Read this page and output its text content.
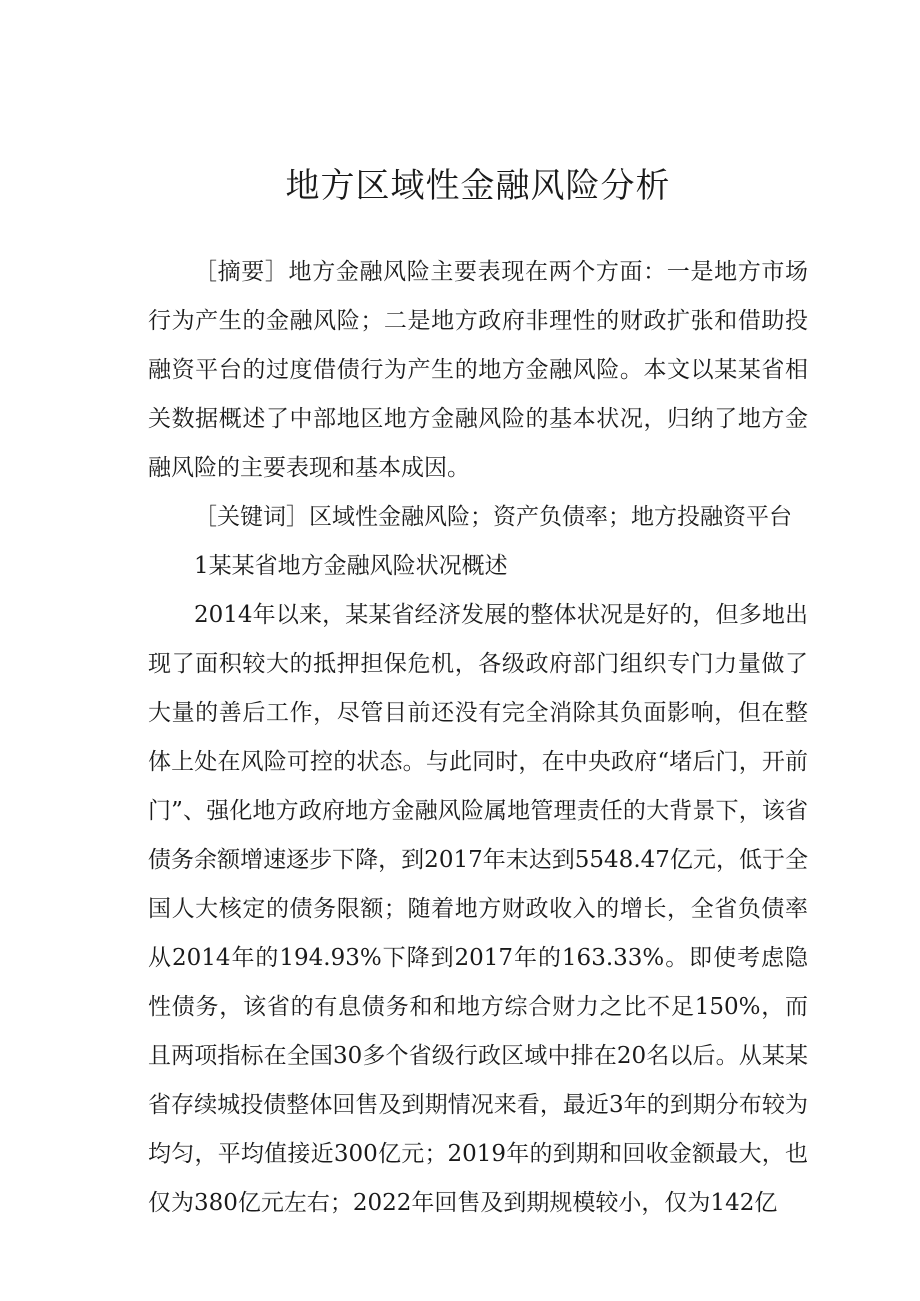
地方区域性金融风险分析

［摘要］地方金融风险主要表现在两个方面：一是地方市场行为产生的金融风险；二是地方政府非理性的财政扩张和借助投融资平台的过度借债行为产生的地方金融风险。本文以某某省相关数据概述了中部地区地方金融风险的基本状况，归纳了地方金融风险的主要表现和基本成因。

［关键词］区域性金融风险；资产负债率；地方投融资平台

1某某省地方金融风险状况概述

2014年以来，某某省经济发展的整体状况是好的，但多地出现了面积较大的抵押担保危机，各级政府部门组织专门力量做了大量的善后工作，尽管目前还没有完全消除其负面影响，但在整体上处在风险可控的状态。与此同时，在中央政府“堵后门，开前门”、强化地方政府地方金融风险属地管理责任的大背景下，该省债务余额增速逐步下降，到2017年末达到5548.47亿元，低于全国人大核定的债务限额；随着地方财政收入的增长，全省负债率从2014年的194.93%下降到2017年的163.33%。即使考虑隐性债务，该省的有息债务和和地方综合财力之比不足150%，而且两项指标在全国30多个省级行政区域中排在20名以后。从某某省存续城投债整体回售及到期情况来看，最近3年的到期分布较为均匀，平均值接近300亿元；2019年的到期和回收金额最大，也仅为380亿元左右；2022年回售及到期规模较小，仅为142亿
